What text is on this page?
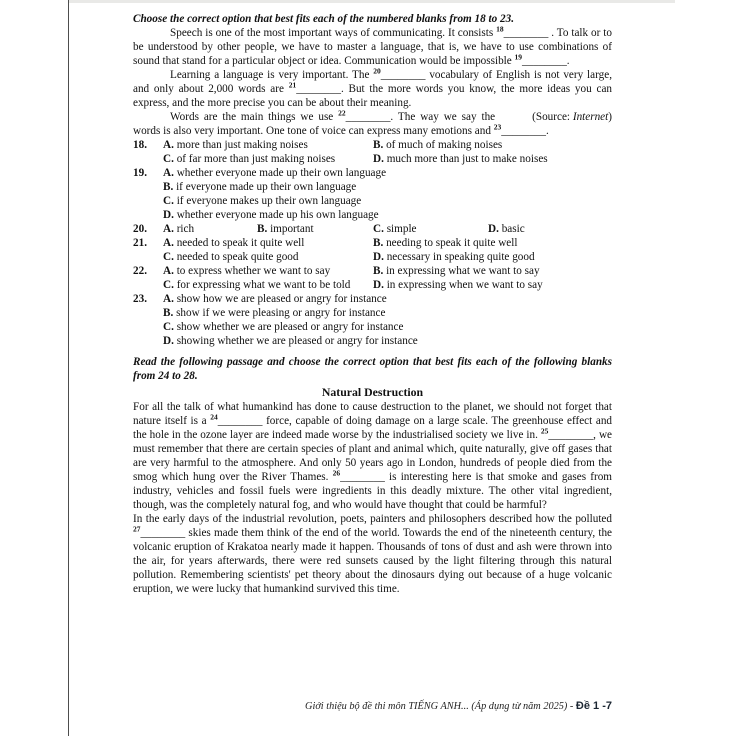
Choose the correct option that best fits each of the numbered blanks from 18 to 23.

Speech is one of the most important ways of communicating. It consists $^{18}$________ . To talk or to be understood by other people, we have to master a language, that is, we have to use combinations of sound that stand for a particular object or idea. Communication would be impossible $^{19}$________.

Learning a language is very important. The $^{20}$________ vocabulary of English is not very large, and only about 2,000 words are $^{21}$________. But the more words you know, the more ideas you can express, and the more precise you can be about their meaning.

(Source: Internet)
Words are the main things we use $^{22}$________. The way we say the words is also very important. One tone of voice can express many emotions and $^{23}$________.

18.	A. more than just making noises	B. of much of making noises
C. of far more than just making noises	D. much more than just to make noises
19.	A. whether everyone made up their own language
B. if everyone made up their own language
C. if everyone makes up their own language
D. whether everyone made up his own language
20.	A. rich	B. important	C. simple	D. basic
21.	A. needed to speak it quite well	B. needing to speak it quite well
C. needed to speak quite good	D. necessary in speaking quite good
22.	A. to express whether we want to say	B. in expressing what we want to say
C. for expressing what we want to be told	D. in expressing when we want to say
23.	A. show how we are pleased or angry for instance
B. show if we were pleasing or angry for instance
C. show whether we are pleased or angry for instance
D. showing whether we are pleased or angry for instance
Read the following passage and choose the correct option that best fits each of the following blanks from 24 to 28.
Natural Destruction

For all the talk of what humankind has done to cause destruction to the planet, we should not forget that nature itself is a $^{24}$________ force, capable of doing damage on a large scale. The greenhouse effect and the hole in the ozone layer are indeed made worse by the industrialised society we live in. $^{25}$________, we must remember that there are certain species of plant and animal which, quite naturally, give off gases that are very harmful to the atmosphere. And only 50 years ago in London, hundreds of people died from the smog which hung over the River Thames. $^{26}$________ is interesting here is that smoke and gases from industry, vehicles and fossil fuels were ingredients in this deadly mixture. The other vital ingredient, though, was the completely natural fog, and who would have thought that could be harmful?

In the early days of the industrial revolution, poets, painters and philosophers described how the polluted $^{27}$________ skies made them think of the end of the world. Towards the end of the nineteenth century, the volcanic eruption of Krakatoa nearly made it happen. Thousands of tons of dust and ash were thrown into the air, for years afterwards, there were red sunsets caused by the light filtering through this natural pollution. Remembering scientists' pet theory about the dinosaurs dying out because of a huge volcanic eruption, we were lucky that humankind survived this time.

Giới thiệu bộ đề thi môn TIẾNG ANH... (Áp dụng từ năm 2025) - Đề 1 -7
